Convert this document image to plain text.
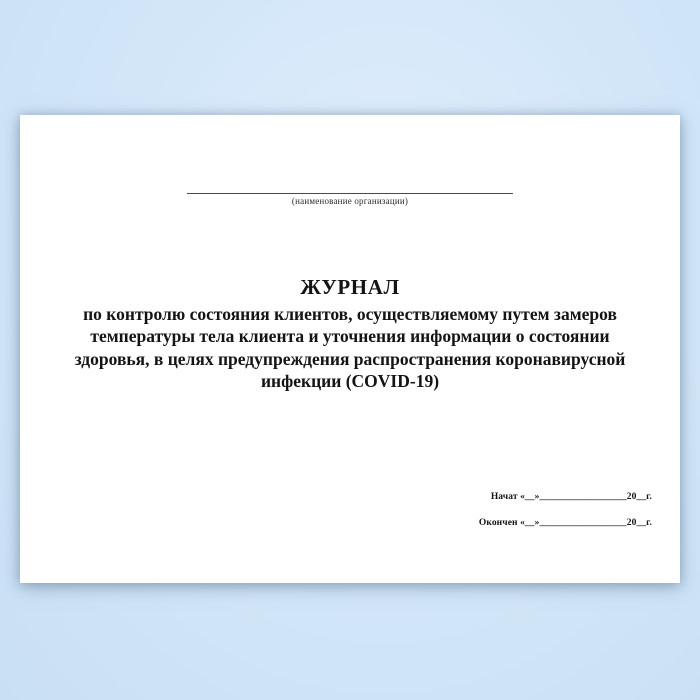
(наименование организации)
ЖУРНАЛ
по контролю состояния клиентов, осуществляемому путем замеров
температуры тела клиента и уточнения информации о состоянии
здоровья, в целях предупреждения распространения коронавирусной
инфекции (COVID-19)
Начат «__»__________________20__г.
Окончен «__»__________________20__г.
